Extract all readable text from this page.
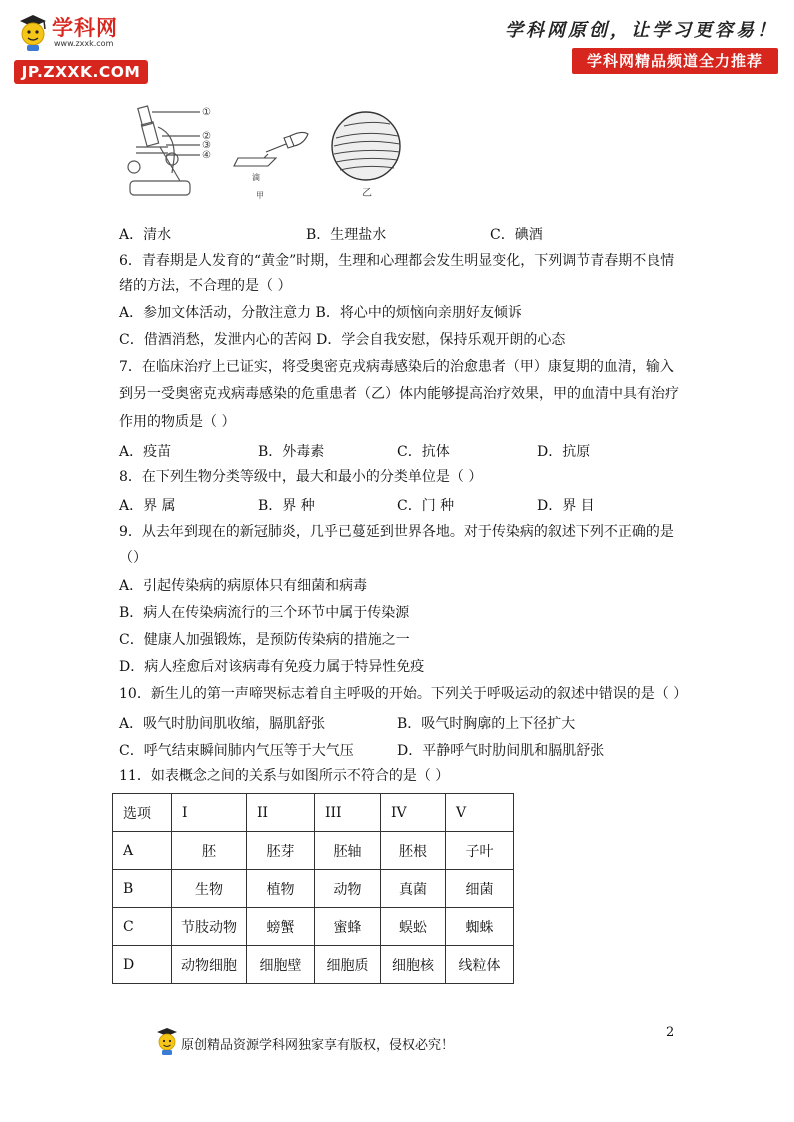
学科网
www.zxxk.com
JP.ZXXK.COM
学科网原创，让学习更容易！
学科网精品频道全力推荐
①
②
③
④
滴
甲	乙
A．清水	B．生理盐水	C．碘酒
6．青春期是人发育的“黄金”时期，生理和心理都会发生明显变化，下列调节青春期不良情
绪的方法，不合理的是（ ）
A．参加文体活动，分散注意力 B．将心中的烦恼向亲朋好友倾诉
C．借酒消愁，发泄内心的苦闷 D．学会自我安慰，保持乐观开朗的心态
7．在临床治疗上已证实，将受奥密克戎病毒感染后的治愈患者（甲）康复期的血清，输入
到另一受奥密克戎病毒感染的危重患者（乙）体内能够提高治疗效果，甲的血清中具有治疗
作用的物质是（ ）
A．疫苗	B．外毒素	C．抗体	D．抗原
8．在下列生物分类等级中，最大和最小的分类单位是（ ）
A．界 属	B．界 种	C．门 种	D．界 目
9．从去年到现在的新冠肺炎，几乎已蔓延到世界各地。对于传染病的叙述下列不正确的是
（）
A．引起传染病的病原体只有细菌和病毒
B．病人在传染病流行的三个环节中属于传染源
C．健康人加强锻炼，是预防传染病的措施之一
D．病人痊愈后对该病毒有免疫力属于特异性免疫
10．新生儿的第一声啼哭标志着自主呼吸的开始。下列关于呼吸运动的叙述中错误的是（ ）
A．吸气时肋间肌收缩，膈肌舒张	B．吸气时胸廓的上下径扩大
C．呼气结束瞬间肺内气压等于大气压	D．平静呼气时肋间肌和膈肌舒张
11．如表概念之间的关系与如图所示不符合的是（ ）
选项	I	II	III	IV	V
A	胚	胚芽	胚轴	胚根	子叶
B	生物	植物	动物	真菌	细菌
C	节肢动物	螃蟹	蜜蜂	蜈蚣	蜘蛛
D	动物细胞	细胞壁	细胞质	细胞核	线粒体
2
原创精品资源学科网独家享有版权，侵权必究！
